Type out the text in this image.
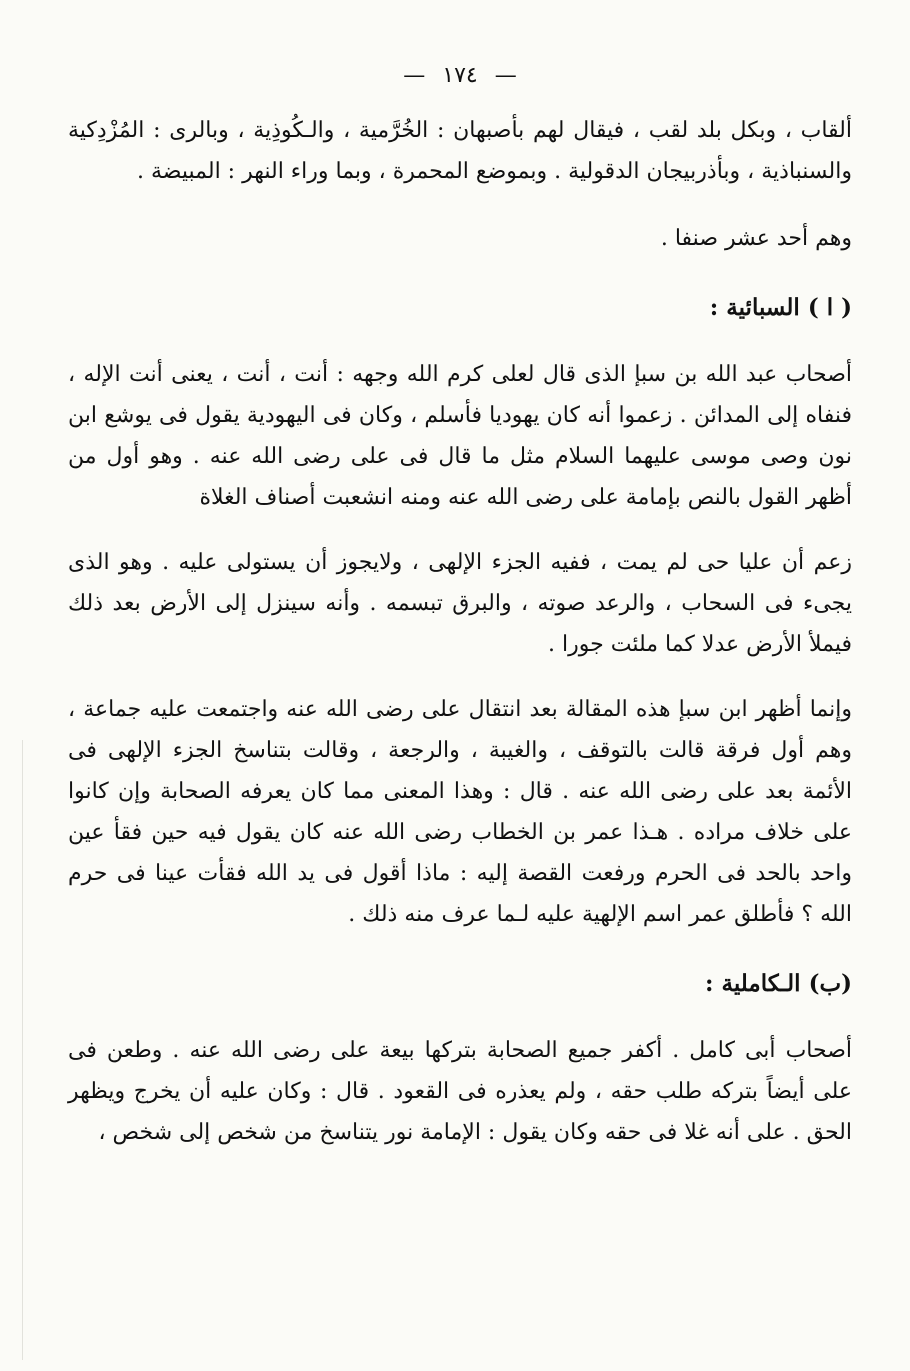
— ١٧٤ —

ألقاب ، وبكل بلد لقب ، فيقال لهم بأصبهان : الخُرَّمية ، والـكُوذِية ، وبالرى : المُزْدِكية والسنباذية ، وبأذربيجان الدقولية . وبموضع المحمرة ، وبما وراء النهر : المبيضة .

وهم أحد عشر صنفا .

( ا ) السبائية :

أصحاب عبد الله بن سبإ الذى قال لعلى كرم الله وجهه : أنت ، أنت ، يعنى أنت الإله ، فنفاه إلى المدائن . زعموا أنه كان يهوديا فأسلم ، وكان فى اليهودية يقول فى يوشع ابن نون وصى موسى عليهما السلام مثل ما قال فى على رضى الله عنه . وهو أول من أظهر القول بالنص بإمامة على رضى الله عنه ومنه انشعبت أصناف الغلاة

زعم أن عليا حى لم يمت ، ففيه الجزء الإلهى ، ولايجوز أن يستولى عليه . وهو الذى يجىء فى السحاب ، والرعد صوته ، والبرق تبسمه . وأنه سينزل إلى الأرض بعد ذلك فيملأ الأرض عدلا كما ملئت جورا .

وإنما أظهر ابن سبإ هذه المقالة بعد انتقال على رضى الله عنه واجتمعت عليه جماعة ، وهم أول فرقة قالت بالتوقف ، والغيبة ، والرجعة ، وقالت بتناسخ الجزء الإلهى فى الأئمة بعد على رضى الله عنه . قال : وهذا المعنى مما كان يعرفه الصحابة وإن كانوا على خلاف مراده . هـذا عمر بن الخطاب رضى الله عنه كان يقول فيه حين فقأ عين واحد بالحد فى الحرم ورفعت القصة إليه : ماذا أقول فى يد الله فقأت عينا فى حرم الله ؟ فأطلق عمر اسم الإلهية عليه لـما عرف منه ذلك .

(ب) الـكاملية :

أصحاب أبى كامل . أكفر جميع الصحابة بتركها بيعة على رضى الله عنه . وطعن فى على أيضاً بتركه طلب حقه ، ولم يعذره فى القعود . قال : وكان عليه أن يخرج ويظهر الحق . على أنه غلا فى حقه وكان يقول : الإمامة نور يتناسخ من شخص إلى شخص ،
